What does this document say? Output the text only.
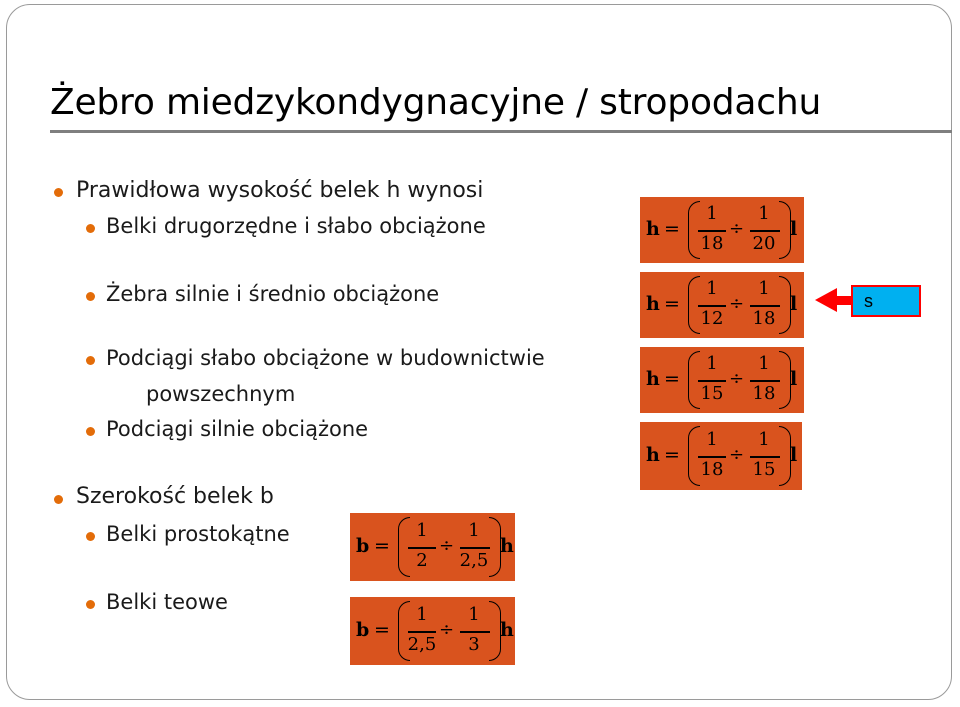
Żebro miedzykondygnacyjne / stropodachu
Prawidłowa wysokość belek h wynosi
Belki drugorzędne i słabo obciążone
Żebra silnie i średnio obciążone
Podciągi słabo obciążone w budownictwie
powszechnym
Podciągi silnie obciążone
Szerokość belek b
Belki prostokątne
Belki teowe
h =
1
18
÷
1
20
l
h =
1
12
÷
1
18
l
h =
1
15
÷
1
18
l
h =
1
18
÷
1
15
l
b =
1
2
÷
1
2,5
h
b =
1
2,5
÷
1
3
h
s
